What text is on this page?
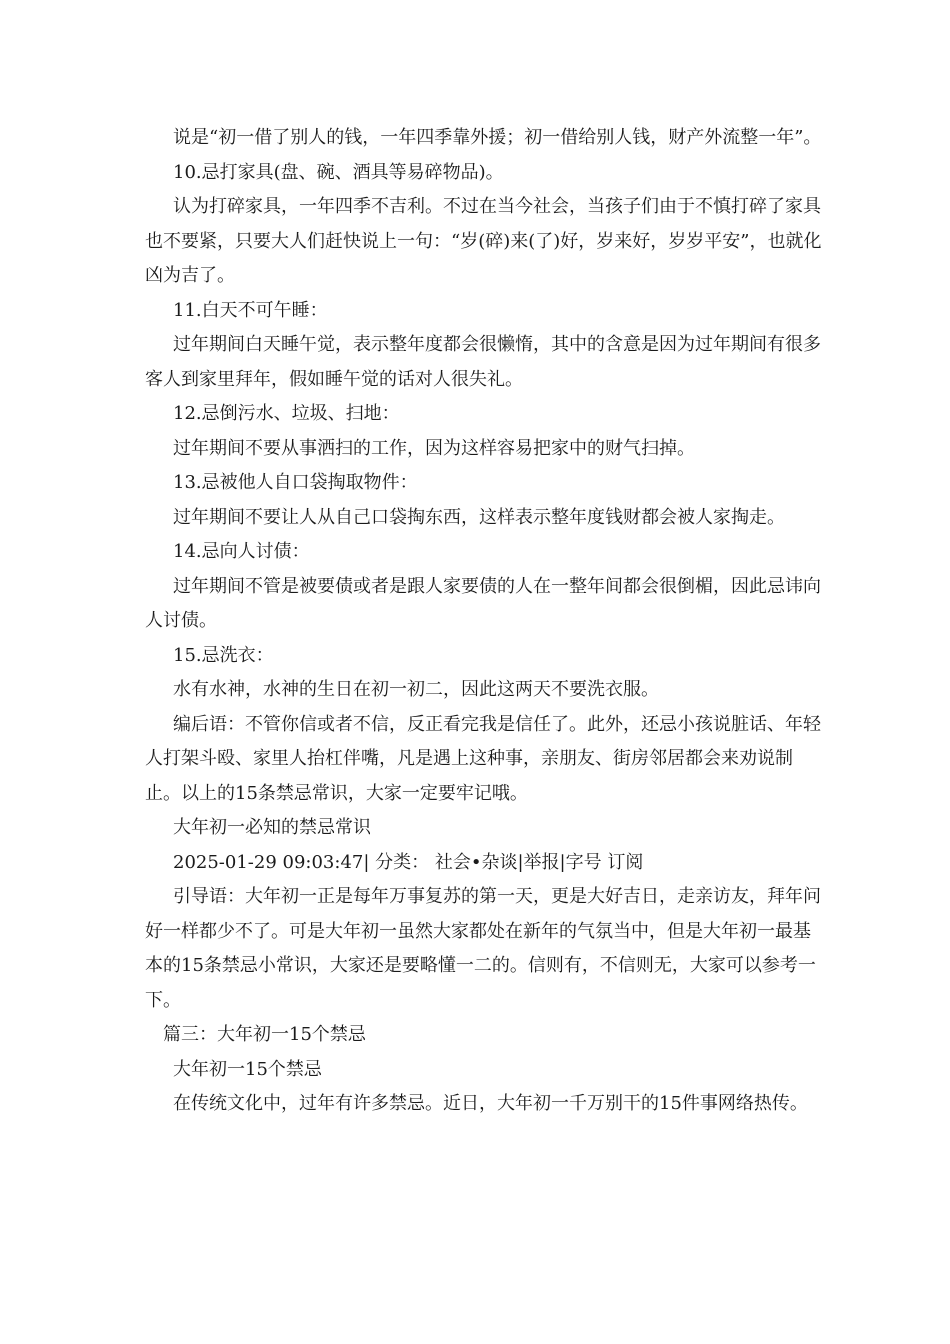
说是“初一借了别人的钱，一年四季靠外援；初一借给别人钱，财产外流整一年”。

10.忌打家具(盘、碗、酒具等易碎物品)。

认为打碎家具，一年四季不吉利。不过在当今社会，当孩子们由于不慎打碎了家具也不要紧，只要大人们赶快说上一句：“岁(碎)来(了)好，岁来好，岁岁平安”，也就化凶为吉了。

11.白天不可午睡：

过年期间白天睡午觉，表示整年度都会很懒惰，其中的含意是因为过年期间有很多客人到家里拜年，假如睡午觉的话对人很失礼。

12.忌倒污水、垃圾、扫地：

过年期间不要从事洒扫的工作，因为这样容易把家中的财气扫掉。

13.忌被他人自口袋掏取物件：

过年期间不要让人从自己口袋掏东西，这样表示整年度钱财都会被人家掏走。

14.忌向人讨债：

过年期间不管是被要债或者是跟人家要债的人在一整年间都会很倒楣，因此忌讳向人讨债。

15.忌洗衣：

水有水神，水神的生日在初一初二，因此这两天不要洗衣服。

编后语：不管你信或者不信，反正看完我是信任了。此外，还忌小孩说脏话、年轻人打架斗殴、家里人抬杠伴嘴，凡是遇上这种事，亲朋友、街房邻居都会来劝说制止。以上的15条禁忌常识，大家一定要牢记哦。

大年初一必知的禁忌常识

2025-01-29 09:03:47| 分类： 社会•杂谈|举报|字号 订阅

引导语：大年初一正是每年万事复苏的第一天，更是大好吉日，走亲访友，拜年问好一样都少不了。可是大年初一虽然大家都处在新年的气氛当中，但是大年初一最基本的15条禁忌小常识，大家还是要略懂一二的。信则有，不信则无，大家可以参考一下。

篇三：大年初一15个禁忌

大年初一15个禁忌

在传统文化中，过年有许多禁忌。近日，大年初一千万别干的15件事网络热传。
